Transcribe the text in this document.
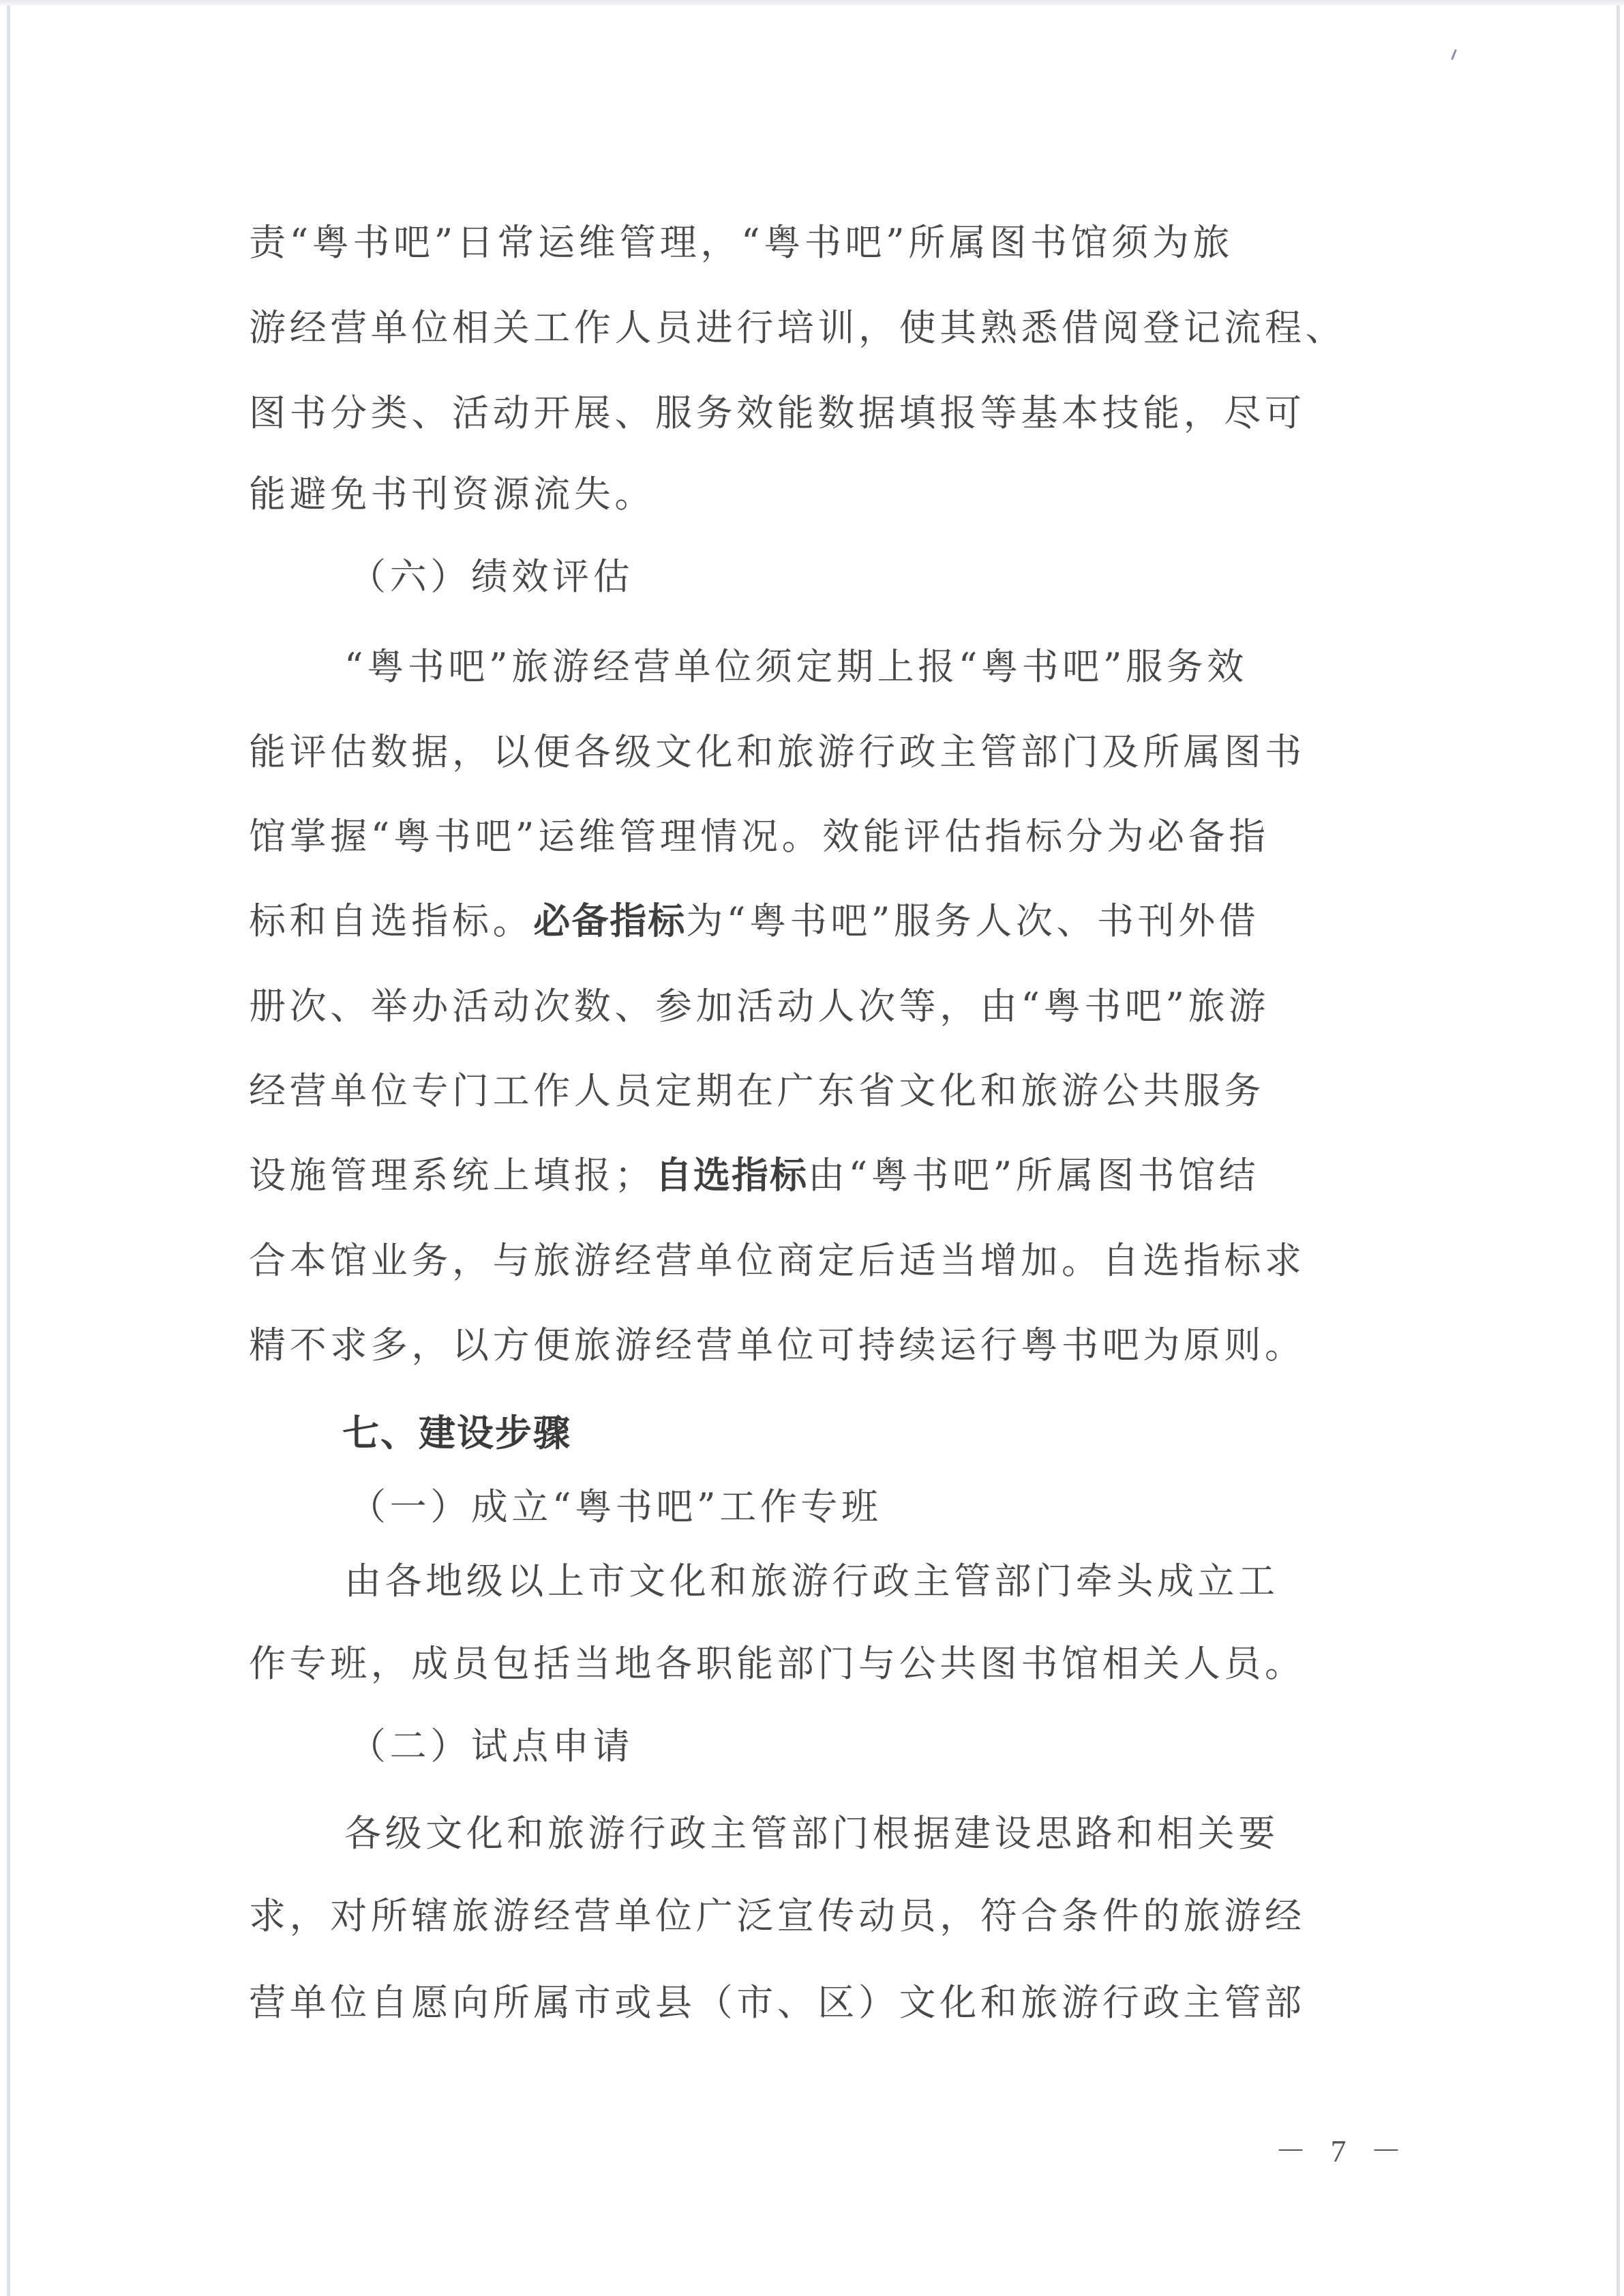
责“粤书吧”日常运维管理，“粤书吧”所属图书馆须为旅
游经营单位相关工作人员进行培训，使其熟悉借阅登记流程、
图书分类、活动开展、服务效能数据填报等基本技能，尽可
能避免书刊资源流失。
（六）绩效评估
“粤书吧”旅游经营单位须定期上报“粤书吧”服务效
能评估数据，以便各级文化和旅游行政主管部门及所属图书
馆掌握“粤书吧”运维管理情况。效能评估指标分为必备指
标和自选指标。必备指标为“粤书吧”服务人次、书刊外借
册次、举办活动次数、参加活动人次等，由“粤书吧”旅游
经营单位专门工作人员定期在广东省文化和旅游公共服务
设施管理系统上填报；自选指标由“粤书吧”所属图书馆结
合本馆业务，与旅游经营单位商定后适当增加。自选指标求
精不求多，以方便旅游经营单位可持续运行粤书吧为原则。
七、建设步骤
（一）成立“粤书吧”工作专班
由各地级以上市文化和旅游行政主管部门牵头成立工
作专班，成员包括当地各职能部门与公共图书馆相关人员。
（二）试点申请
各级文化和旅游行政主管部门根据建设思路和相关要
求，对所辖旅游经营单位广泛宣传动员，符合条件的旅游经
营单位自愿向所属市或县（市、区）文化和旅游行政主管部
－ 7 －
